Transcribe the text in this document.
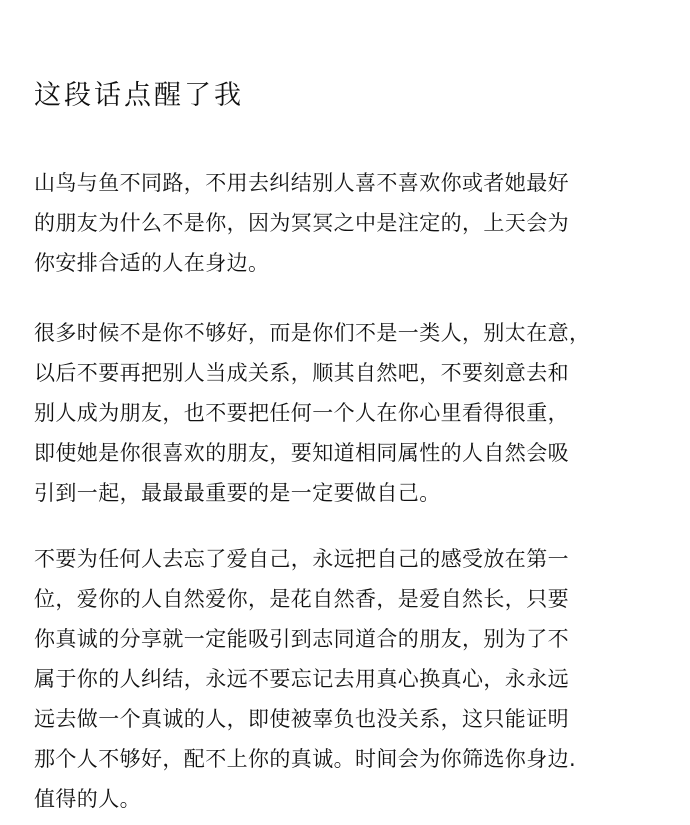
这段话点醒了我

山鸟与鱼不同路，不用去纠结别人喜不喜欢你或者她最好
的朋友为什么不是你，因为冥冥之中是注定的，上天会为
你安排合适的人在身边。

很多时候不是你不够好，而是你们不是一类人，别太在意，
以后不要再把别人当成关系，顺其自然吧，不要刻意去和
别人成为朋友，也不要把任何一个人在你心里看得很重，
即使她是你很喜欢的朋友，要知道相同属性的人自然会吸
引到一起，最最最重要的是一定要做自己。

不要为任何人去忘了爱自己，永远把自己的感受放在第一
位，爱你的人自然爱你，是花自然香，是爱自然长，只要
你真诚的分享就一定能吸引到志同道合的朋友，别为了不
属于你的人纠结，永远不要忘记去用真心换真心，永永远
远去做一个真诚的人，即使被辜负也没关系，这只能证明
那个人不够好，配不上你的真诚。时间会为你筛选你身边.
值得的人。
